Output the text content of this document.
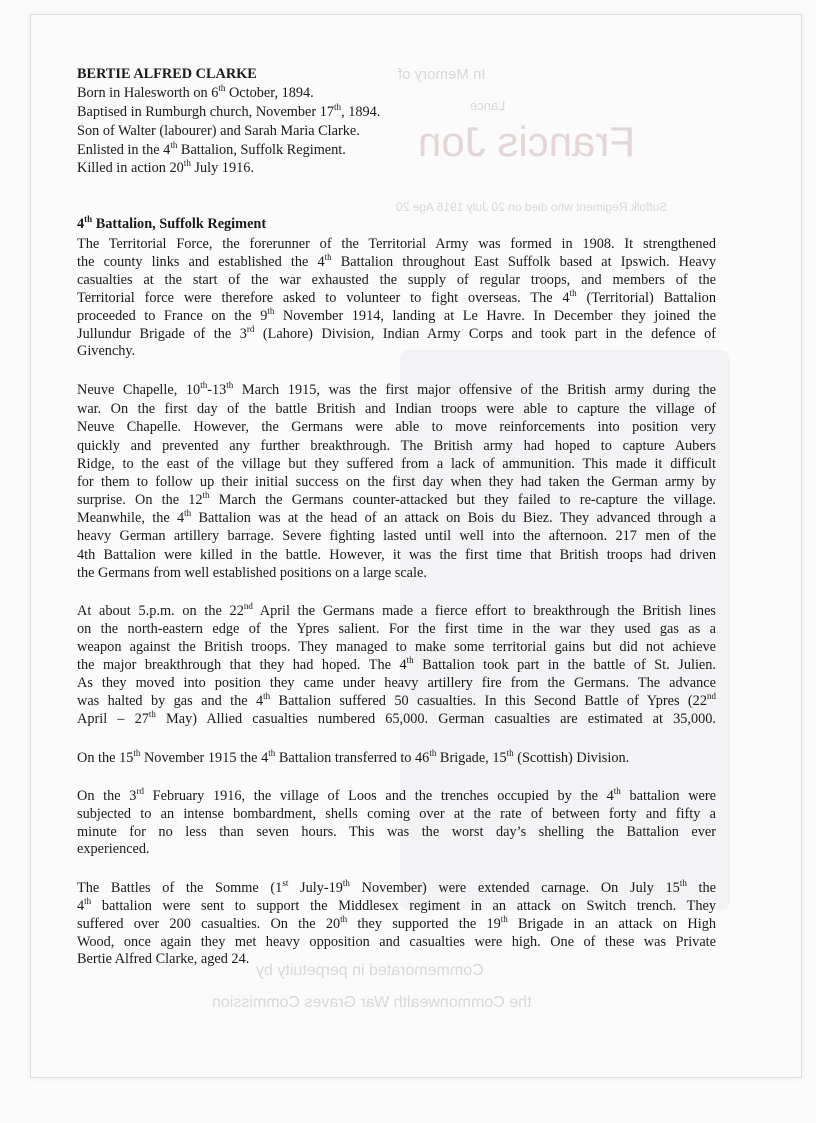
In Memory of
Lance
Francis Jon
Suffolk Regiment who died on 20 July 1916 Age 20
Commemorated in perpetuity by
the Commonwealth War Graves Commission
BERTIE ALFRED CLARKE
Born in Halesworth on 6th October, 1894.
Baptised in Rumburgh church, November 17th, 1894.
Son of Walter (labourer) and Sarah Maria Clarke.
Enlisted in the 4th Battalion, Suffolk Regiment.
Killed in action 20th July 1916.
4th Battalion, Suffolk Regiment
The Territorial Force, the forerunner of the Territorial Army was formed in 1908. It strengthened
the county links and established the 4th Battalion throughout East Suffolk based at Ipswich. Heavy
casualties at the start of the war exhausted the supply of regular troops, and members of the
Territorial force were therefore asked to volunteer to fight overseas. The 4th (Territorial) Battalion
proceeded to France on the 9th November 1914, landing at Le Havre. In December they joined the
Jullundur Brigade of the 3rd (Lahore) Division, Indian Army Corps and took part in the defence of
Givenchy.
Neuve Chapelle, 10th-13th March 1915, was the first major offensive of the British army during the
war. On the first day of the battle British and Indian troops were able to capture the village of
Neuve Chapelle. However, the Germans were able to move reinforcements into position very
quickly and prevented any further breakthrough. The British army had hoped to capture Aubers
Ridge, to the east of the village but they suffered from a lack of ammunition. This made it difficult
for them to follow up their initial success on the first day when they had taken the German army by
surprise. On the 12th March the Germans counter-attacked but they failed to re-capture the village.
Meanwhile, the 4th Battalion was at the head of an attack on Bois du Biez. They advanced through a
heavy German artillery barrage. Severe fighting lasted until well into the afternoon. 217 men of the
4th Battalion were killed in the battle. However, it was the first time that British troops had driven
the Germans from well established positions on a large scale.
At about 5.p.m. on the 22nd April the Germans made a fierce effort to breakthrough the British lines
on the north-eastern edge of the Ypres salient. For the first time in the war they used gas as a
weapon against the British troops. They managed to make some territorial gains but did not achieve
the major breakthrough that they had hoped. The 4th Battalion took part in the battle of St. Julien.
As they moved into position they came under heavy artillery fire from the Germans. The advance
was halted by gas and the 4th Battalion suffered 50 casualties. In this Second Battle of Ypres (22nd
April – 27th May) Allied casualties numbered 65,000. German casualties are estimated at 35,000.
On the 15th November 1915 the 4th Battalion transferred to 46th Brigade, 15th (Scottish) Division.
On the 3rd February 1916, the village of Loos and the trenches occupied by the 4th battalion were
subjected to an intense bombardment, shells coming over at the rate of between forty and fifty a
minute for no less than seven hours. This was the worst day’s shelling the Battalion ever
experienced.
The Battles of the Somme (1st July-19th November) were extended carnage. On July 15th the
4th battalion were sent to support the Middlesex regiment in an attack on Switch trench. They
suffered over 200 casualties. On the 20th they supported the 19th Brigade in an attack on High
Wood, once again they met heavy opposition and casualties were high. One of these was Private
Bertie Alfred Clarke, aged 24.
